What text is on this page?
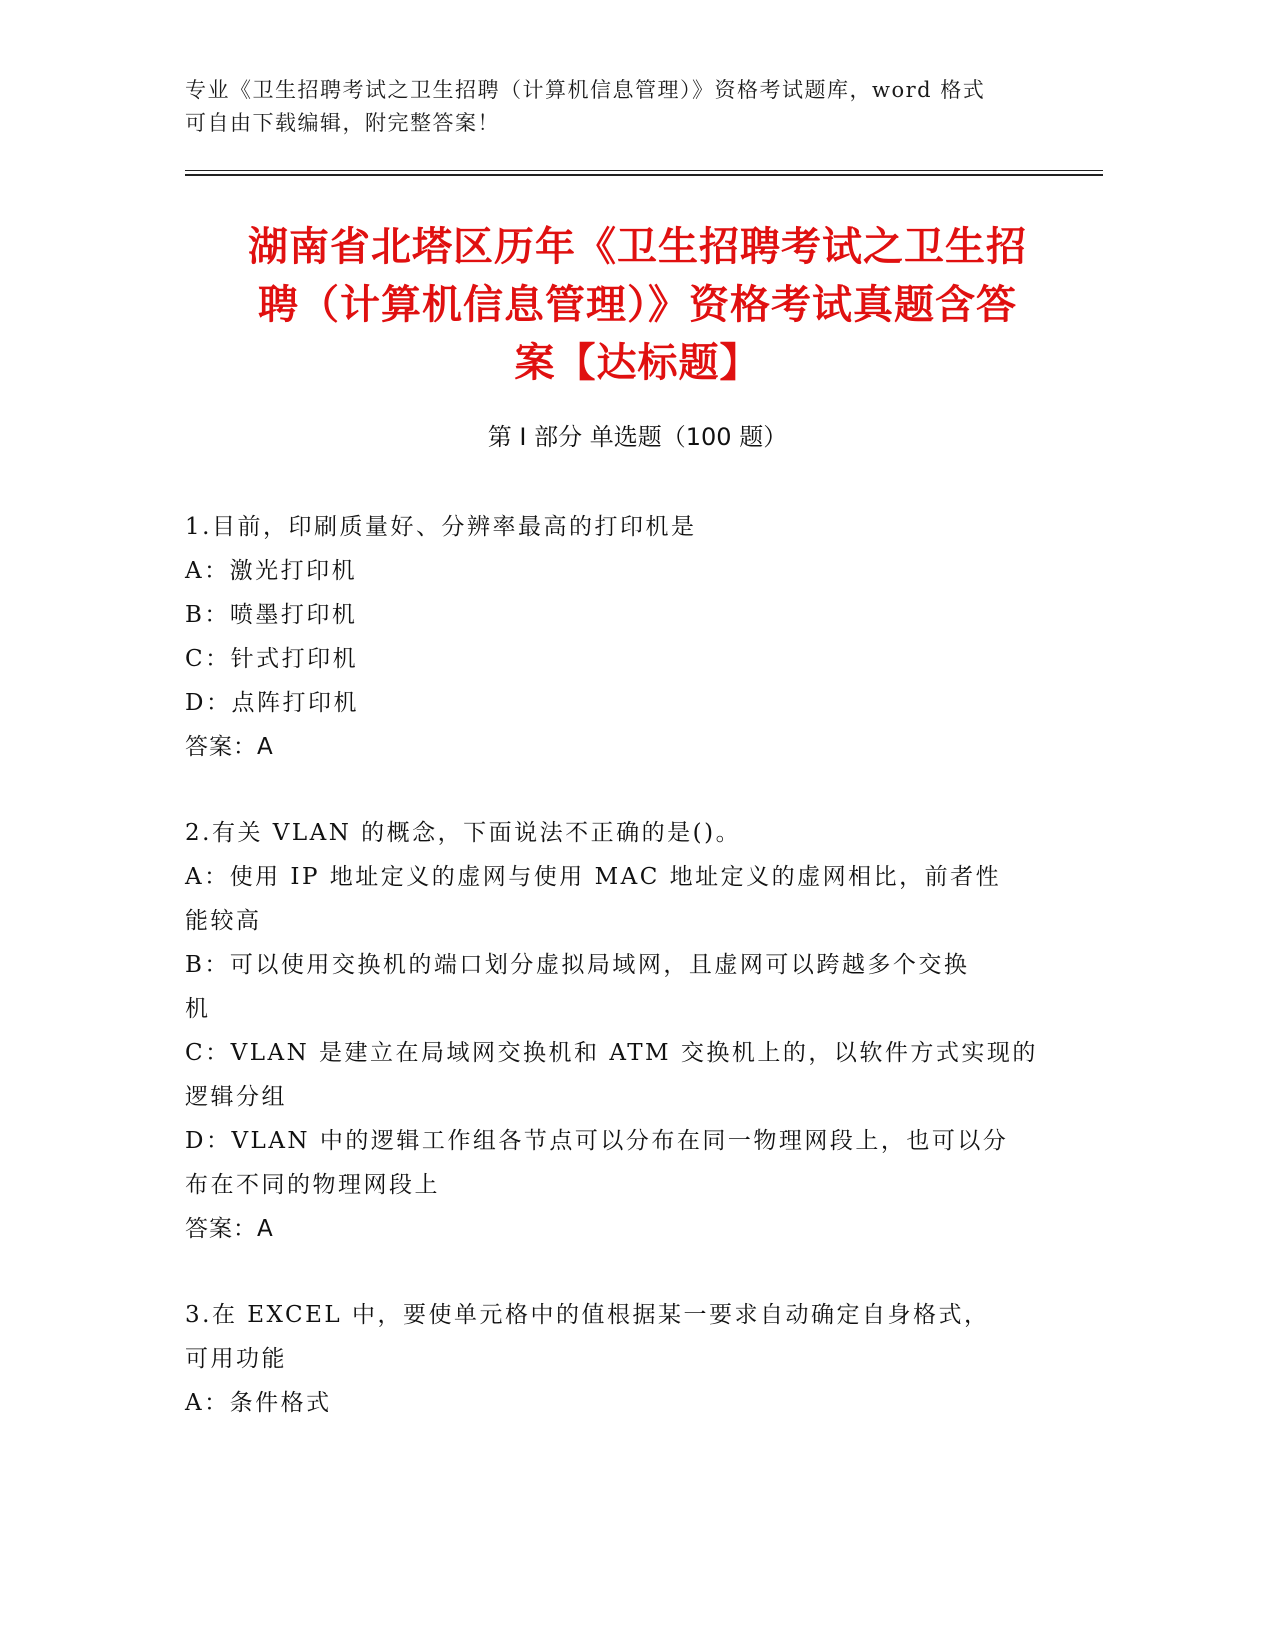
专业《卫生招聘考试之卫生招聘（计算机信息管理）》资格考试题库，word 格式
可自由下载编辑，附完整答案！
湖南省北塔区历年《卫生招聘考试之卫生招
聘（计算机信息管理）》资格考试真题含答
案【达标题】
第 I 部分 单选题（100 题）
1.目前，印刷质量好、分辨率最高的打印机是
A：激光打印机
B：喷墨打印机
C：针式打印机
D：点阵打印机
答案：A
2.有关 VLAN 的概念，下面说法不正确的是()。
A：使用 IP 地址定义的虚网与使用 MAC 地址定义的虚网相比，前者性
能较高
B：可以使用交换机的端口划分虚拟局域网，且虚网可以跨越多个交换
机
C：VLAN 是建立在局域网交换机和 ATM 交换机上的，以软件方式实现的
逻辑分组
D：VLAN 中的逻辑工作组各节点可以分布在同一物理网段上，也可以分
布在不同的物理网段上
答案：A
3.在 EXCEL 中，要使单元格中的值根据某一要求自动确定自身格式，
可用功能
A：条件格式
